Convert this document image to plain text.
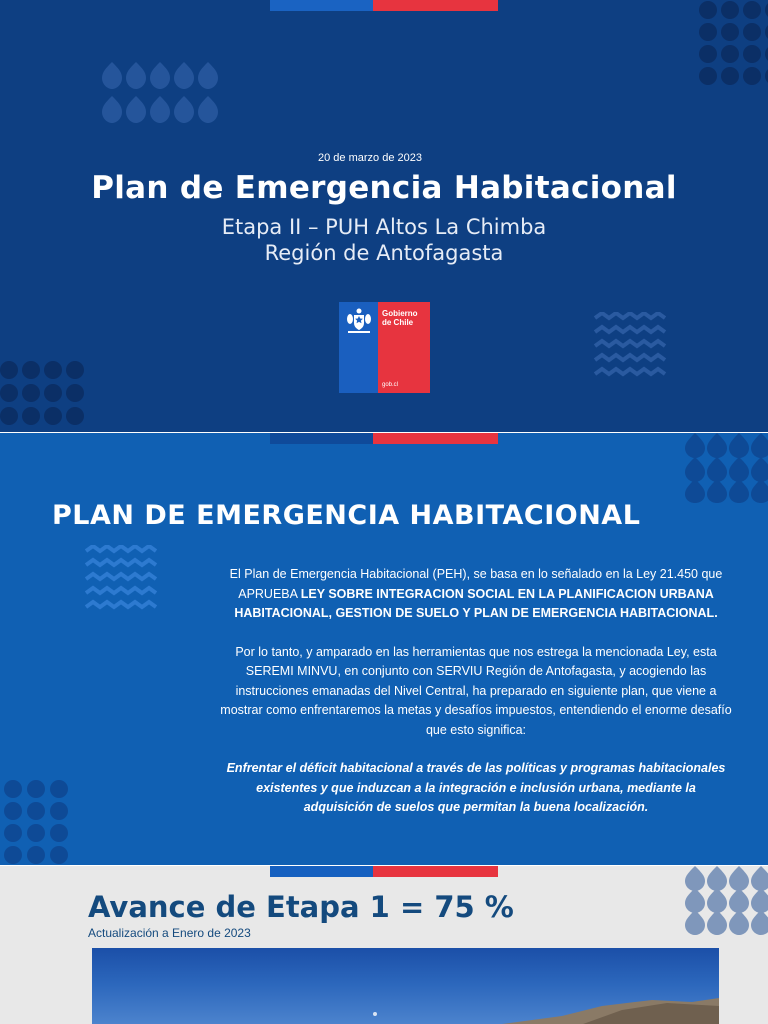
20 de marzo de 2023
Plan de Emergencia Habitacional
Etapa II – PUH Altos La Chimba
Región de Antofagasta
Gobierno
de Chile
gob.cl
PLAN DE EMERGENCIA HABITACIONAL

El Plan de Emergencia Habitacional (PEH), se basa en lo señalado en la Ley 21.450 que APRUEBA LEY SOBRE INTEGRACION SOCIAL EN LA PLANIFICACION URBANA HABITACIONAL, GESTION DE SUELO Y PLAN DE EMERGENCIA HABITACIONAL.

Por lo tanto, y amparado en las herramientas que nos estrega la mencionada Ley, esta SEREMI MINVU, en conjunto con SERVIU Región de Antofagasta, y acogiendo las instrucciones emanadas del Nivel Central, ha preparado en siguiente plan, que viene a mostrar como enfrentaremos la metas y desafíos impuestos, entendiendo el enorme desafío que esto significa:

Enfrentar el déficit habitacional a través de las políticas y programas habitacionales existentes y que induzcan a la integración e inclusión urbana, mediante la adquisición de suelos que permitan la buena localización.

Avance de Etapa 1 = 75 %
Actualización a Enero de 2023
